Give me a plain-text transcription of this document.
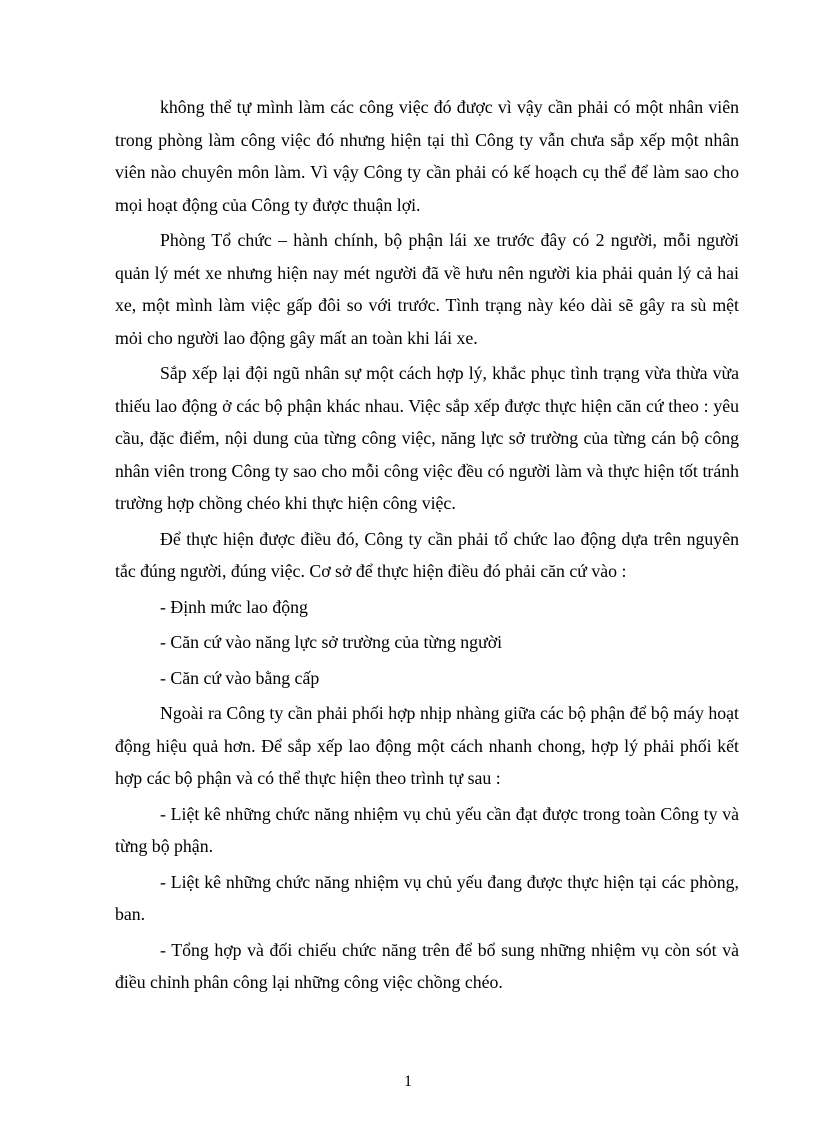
không thể tự mình làm các công việc đó được vì vậy cần phải có một nhân viên trong phòng làm công việc đó nhưng hiện tại thì Công ty vẫn chưa sắp xếp một nhân viên nào chuyên môn làm. Vì vậy Công ty cần phải có kế hoạch cụ thể để làm sao cho mọi hoạt động của Công ty được thuận lợi.

Phòng Tổ chức – hành chính, bộ phận lái xe trước đây có 2 người, mỗi người quản lý mét xe nhưng hiện nay mét người đã về hưu nên người kia phải quản lý cả hai xe, một mình làm việc gấp đôi so với trước. Tình trạng này kéo dài sẽ gây ra sù mệt mỏi cho người lao động gây mất an toàn khi lái xe.

Sắp xếp lại đội ngũ nhân sự một cách hợp lý, khắc phục tình trạng vừa thừa vừa thiếu lao động ở các bộ phận khác nhau. Việc sắp xếp được thực hiện căn cứ theo : yêu cầu, đặc điểm, nội dung của từng công việc, năng lực sở trường của từng cán bộ công nhân viên trong Công ty sao cho mỗi công việc đều có người làm và thực hiện tốt tránh trường hợp chồng chéo khi thực hiện công việc.

Để thực hiện được điều đó, Công ty cần phải tổ chức lao động dựa trên nguyên tắc đúng người, đúng việc. Cơ sở để thực hiện điều đó phải căn cứ vào :

- Định mức lao động

- Căn cứ vào năng lực sở trường của từng người

- Căn cứ vào bằng cấp

Ngoài ra Công ty cần phải phối hợp nhịp nhàng giữa các bộ phận để bộ máy hoạt động hiệu quả hơn. Để sắp xếp lao động một cách nhanh chong, hợp lý phải phối kết hợp các bộ phận và có thể thực hiện theo trình tự sau :

- Liệt kê những chức năng nhiệm vụ chủ yếu cần đạt được trong toàn Công ty và từng bộ phận.

- Liệt kê những chức năng nhiệm vụ chủ yếu đang được thực hiện tại các phòng, ban.

- Tổng hợp và đối chiếu chức năng trên để bổ sung những nhiệm vụ còn sót và điều chỉnh phân công lại những công việc chồng chéo.

1
